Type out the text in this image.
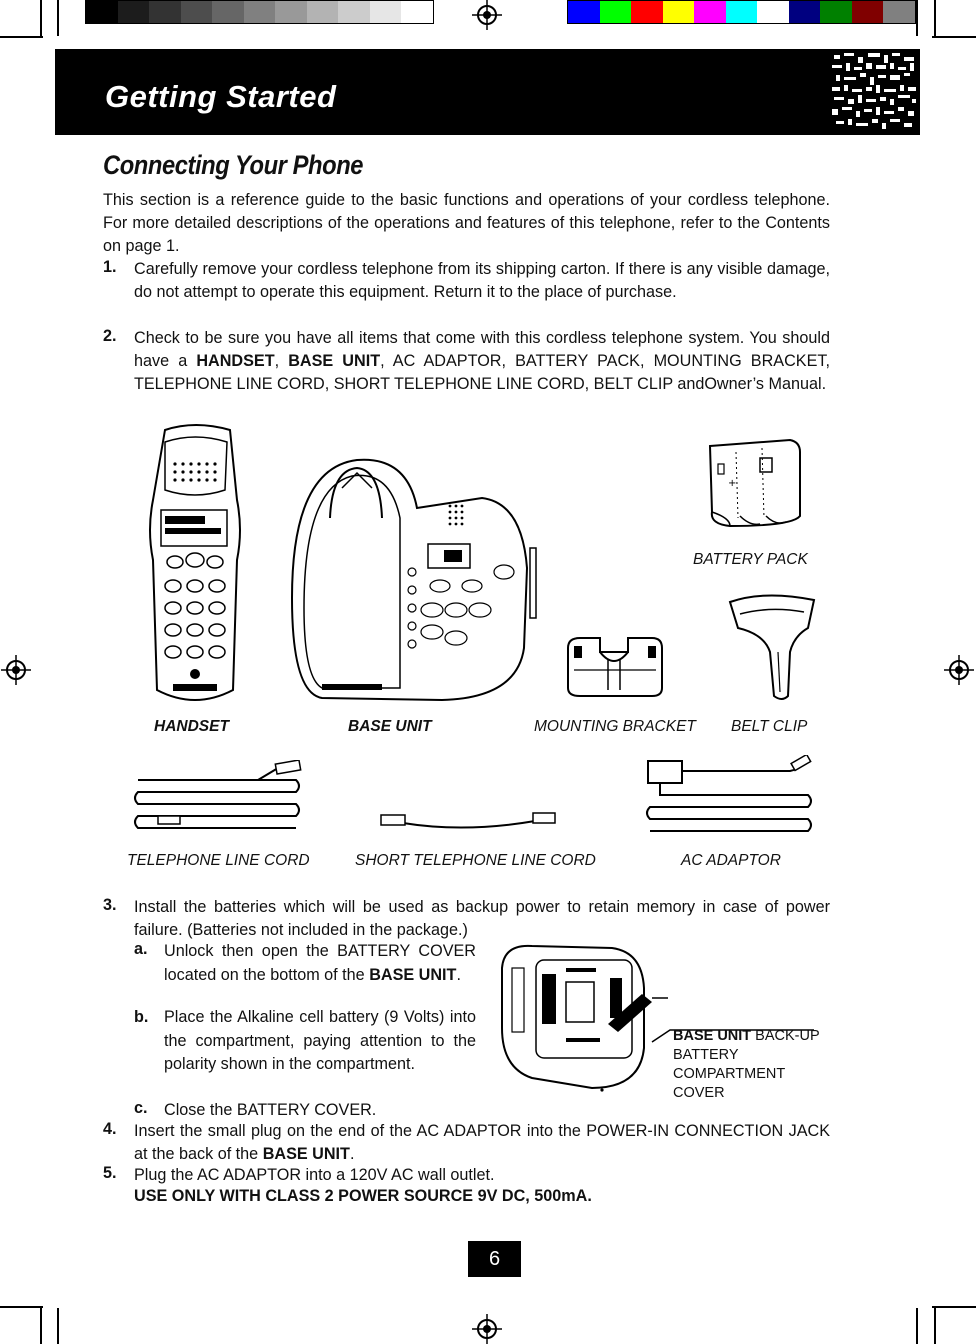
Getting Started
Connecting Your Phone
This section is a reference guide to the basic functions and operations of your cordless telephone. For more detailed descriptions of the operations and features of this telephone, refer to the Contents on page 1.
1. Carefully remove your cordless telephone from its shipping carton. If there is any visible damage, do not attempt to operate this equipment. Return it to the place of purchase.
2. Check to be sure you have all items that come with this cordless telephone system. You should have a HANDSET, BASE UNIT, AC ADAPTOR, BATTERY PACK, MOUNTING BRACKET, TELEPHONE LINE CORD, SHORT TELEPHONE LINE CORD, BELT CLIP andOwner’s Manual.
+
HANDSET	BASE UNIT	MOUNTING BRACKET BELT CLIP
BATTERY PACK
TELEPHONE LINE CORD	SHORT TELEPHONE LINE CORD	AC ADAPTOR
3. Install the batteries which will be used as backup power to retain memory in case of power failure. (Batteries not included in the package.)
a. Unlock then open the BATTERY COVER located on the bottom of the BASE UNIT.
b. Place the Alkaline cell battery (9 Volts) into the compartment, paying attention to the polarity shown in the compartment.
c. Close the BATTERY COVER.
BASE UNIT BACK-UP BATTERY COMPARTMENT COVER
4. Insert the small plug on the end of the AC ADAPTOR into the POWER-IN CONNECTION JACK at the back of the BASE UNIT.
5. Plug the AC ADAPTOR into a 120V AC wall outlet.
USE ONLY WITH CLASS 2 POWER SOURCE 9V DC, 500mA.
6
